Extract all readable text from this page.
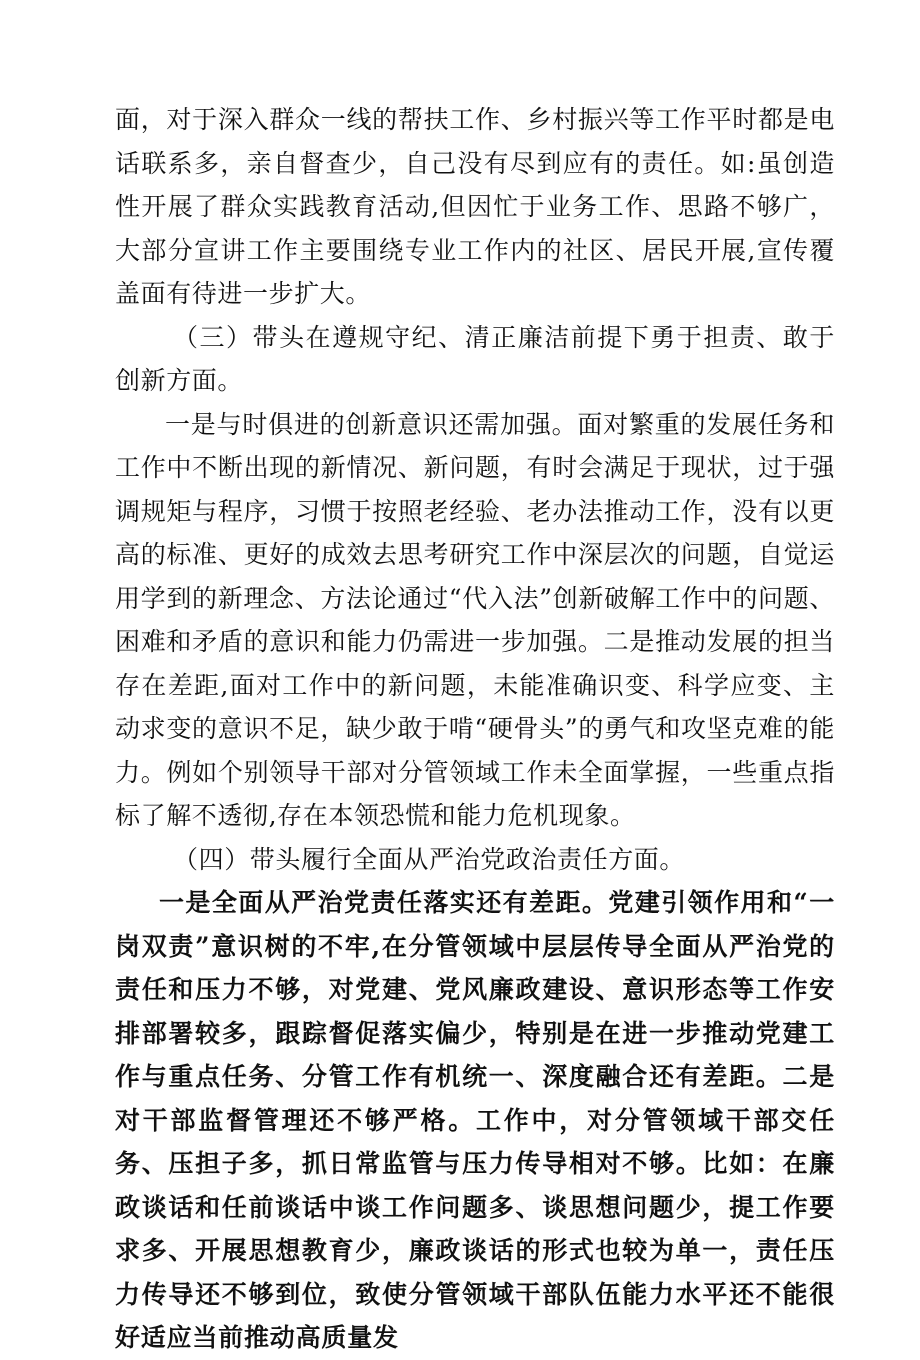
面，对于深入群众一线的帮扶工作、乡村振兴等工作平时都是电话联系多，亲自督查少，自己没有尽到应有的责任。如:虽创造性开展了群众实践教育活动,但因忙于业务工作、思路不够广，大部分宣讲工作主要围绕专业工作内的社区、居民开展,宣传覆盖面有待进一步扩大。

（三）带头在遵规守纪、清正廉洁前提下勇于担责、敢于创新方面。

一是与时俱进的创新意识还需加强。面对繁重的发展任务和工作中不断出现的新情况、新问题，有时会满足于现状，过于强调规矩与程序，习惯于按照老经验、老办法推动工作，没有以更高的标准、更好的成效去思考研究工作中深层次的问题，自觉运用学到的新理念、方法论通过“代入法”创新破解工作中的问题、困难和矛盾的意识和能力仍需进一步加强。二是推动发展的担当存在差距,面对工作中的新问题，未能准确识变、科学应变、主动求变的意识不足，缺少敢于啃“硬骨头”的勇气和攻坚克难的能力。例如个别领导干部对分管领域工作未全面掌握，一些重点指标了解不透彻,存在本领恐慌和能力危机现象。

（四）带头履行全面从严治党政治责任方面。

一是全面从严治党责任落实还有差距。党建引领作用和“一岗双责”意识树的不牢,在分管领域中层层传导全面从严治党的责任和压力不够，对党建、党风廉政建设、意识形态等工作安排部署较多，跟踪督促落实偏少，特别是在进一步推动党建工作与重点任务、分管工作有机统一、深度融合还有差距。二是对干部监督管理还不够严格。工作中，对分管领域干部交任务、压担子多，抓日常监管与压力传导相对不够。比如：在廉政谈话和任前谈话中谈工作问题多、谈思想问题少，提工作要求多、开展思想教育少，廉政谈话的形式也较为单一，责任压力传导还不够到位，致使分管领域干部队伍能力水平还不能很好适应当前推动高质量发
